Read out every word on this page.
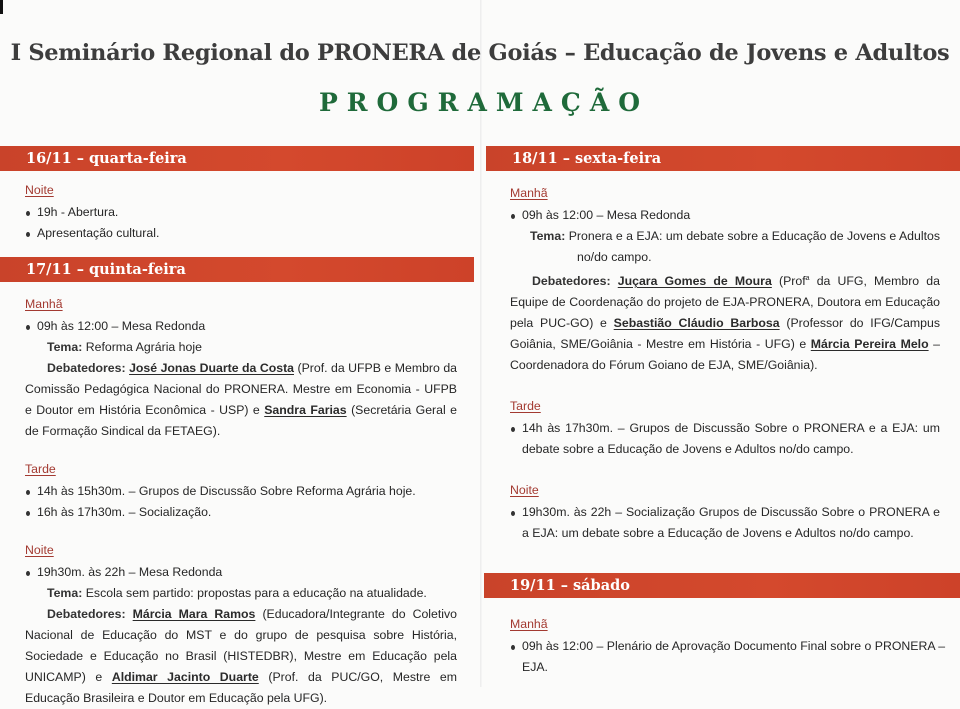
I Seminário Regional do PRONERA de Goiás – Educação de Jovens e Adultos
PROGRAMAÇÃO
16/11 – quarta-feira
Noite
19h - Abertura.
Apresentação cultural.
17/11 – quinta-feira
Manhã
09h às 12:00 – Mesa Redonda
Tema: Reforma Agrária hoje
Debatedores: José Jonas Duarte da Costa (Prof. da UFPB e Membro da Comissão Pedagógica Nacional do PRONERA. Mestre em Economia - UFPB e Doutor em História Econômica - USP) e Sandra Farias (Secretária Geral e de Formação Sindical da FETAEG).
Tarde
14h às 15h30m. – Grupos de Discussão Sobre Reforma Agrária hoje.
16h às 17h30m. – Socialização.
Noite
19h30m. às 22h – Mesa Redonda
Tema: Escola sem partido: propostas para a educação na atualidade.
Debatedores: Márcia Mara Ramos (Educadora/Integrante do Coletivo Nacional de Educação do MST e do grupo de pesquisa sobre História, Sociedade e Educação no Brasil (HISTEDBR), Mestre em Educação pela UNICAMP) e Aldimar Jacinto Duarte (Prof. da PUC/GO, Mestre em Educação Brasileira e Doutor em Educação pela UFG).
18/11 – sexta-feira
Manhã
09h às 12:00 – Mesa Redonda
Tema: Pronera e a EJA: um debate sobre a Educação de Jovens e Adultos no/do campo.
Debatedores: Juçara Gomes de Moura (Prof$^a$ da UFG, Membro da Equipe de Coordenação do projeto de EJA-PRONERA, Doutora em Educação pela PUC-GO) e Sebastião Cláudio Barbosa (Professor do IFG/Campus Goiânia, SME/Goiânia - Mestre em História - UFG) e Márcia Pereira Melo – Coordenadora do Fórum Goiano de EJA, SME/Goiânia).
Tarde
14h às 17h30m. – Grupos de Discussão Sobre o PRONERA e a EJA: um debate sobre a Educação de Jovens e Adultos no/do campo.
Noite
19h30m. às 22h – Socialização Grupos de Discussão Sobre o PRONERA e a EJA: um debate sobre a Educação de Jovens e Adultos no/do campo.
19/11 – sábado
Manhã
09h às 12:00 – Plenário de Aprovação Documento Final sobre o PRONERA – EJA.
